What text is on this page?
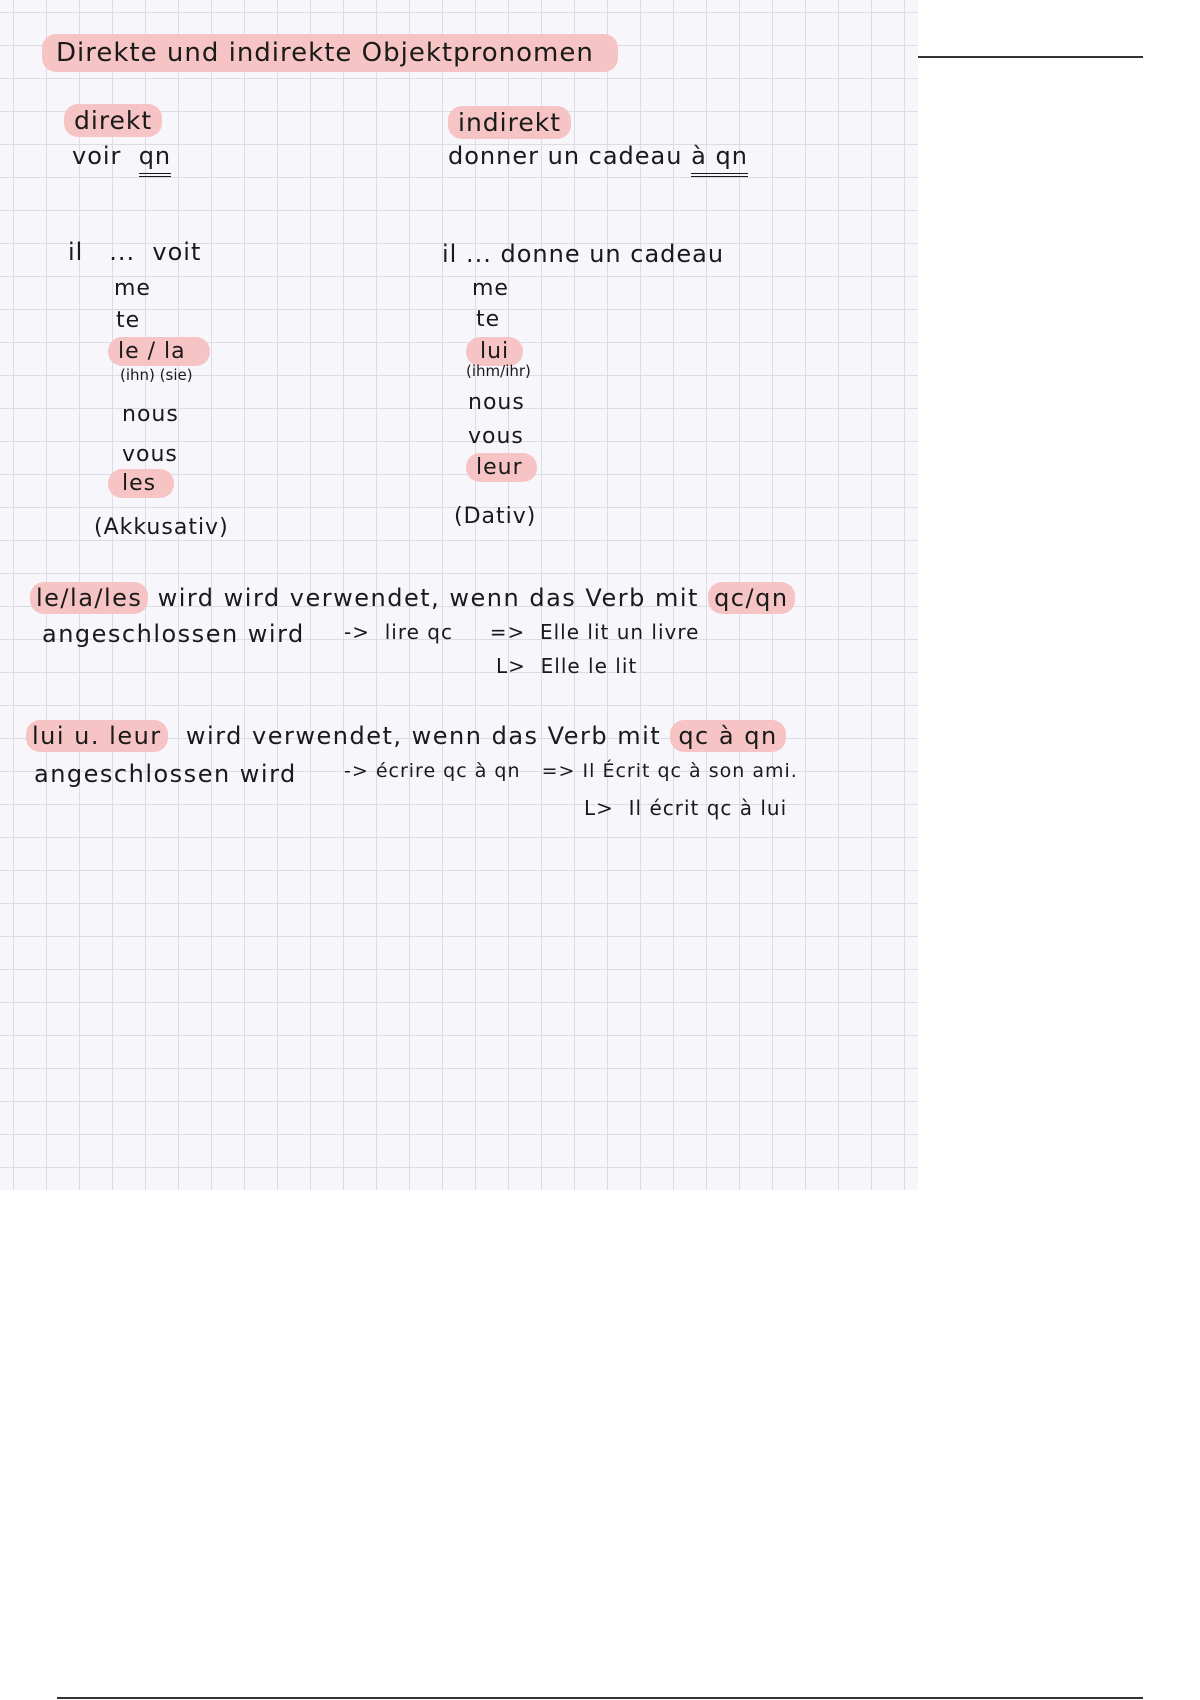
Direkte und indirekte Objektpronomen
direkt
voir qn
il ... voit
me
te
le / la
(ihn) (sie)
nous
vous
les
(Akkusativ)
indirekt
donner un cadeau à qn
il ... donne un cadeau
me
te
lui
(ihm/ihr)
nous
vous
leur
(Dativ)
le/la/les wird wird verwendet, wenn das Verb mit qc/qn
angeschlossen wird -> lire qc => Elle lit un livre
L> Elle le lit
lui u. leur wird verwendet, wenn das Verb mit qc à qn
angeschlossen wird -> écrire qc à qn => Il Écrit qc à son ami.
L> Il écrit qc à lui
